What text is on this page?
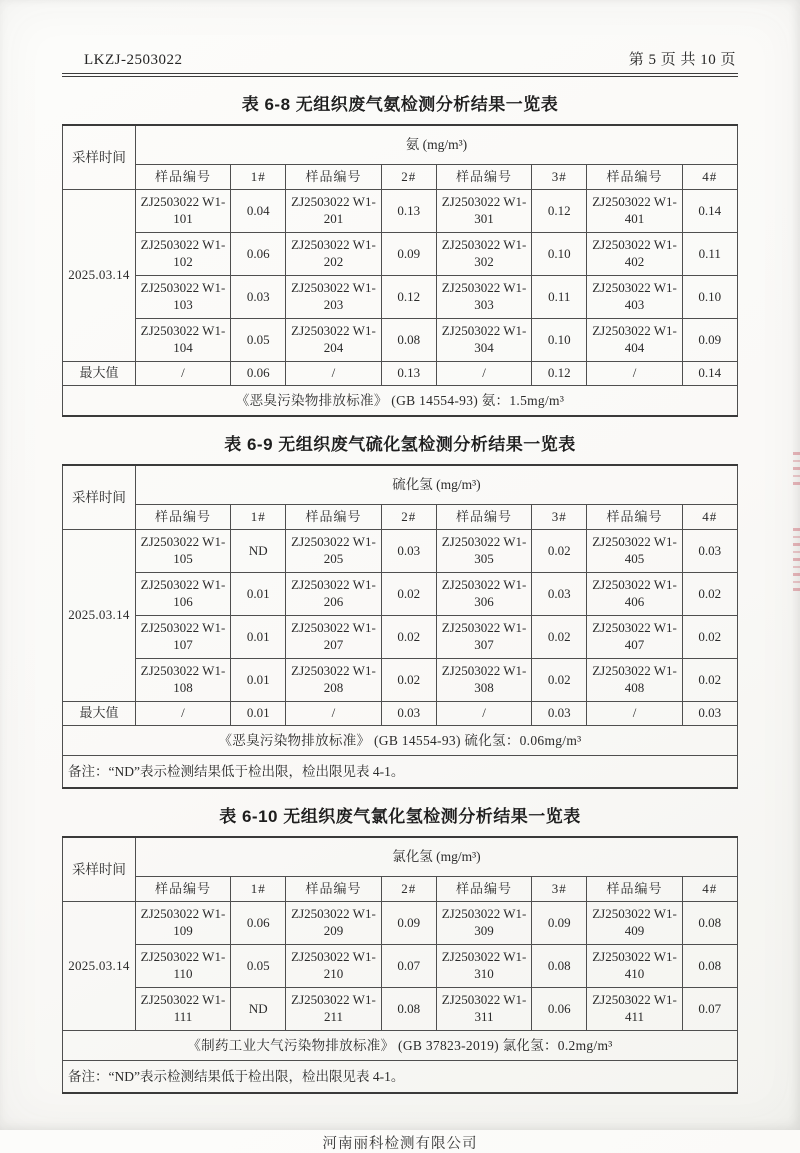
LKZJ-2503022	第 5 页 共 10 页
表 6-8 无组织废气氨检测分析结果一览表
采样时间	氨 (mg/m³)							
	样品编号	1#	样品编号	2#	样品编号	3#	样品编号	4#
2025.03.14	ZJ2503022 W1-101	0.04	ZJ2503022 W1-201	0.13	ZJ2503022 W1-301	0.12	ZJ2503022 W1-401	0.14
	ZJ2503022 W1-102	0.06	ZJ2503022 W1-202	0.09	ZJ2503022 W1-302	0.10	ZJ2503022 W1-402	0.11
	ZJ2503022 W1-103	0.03	ZJ2503022 W1-203	0.12	ZJ2503022 W1-303	0.11	ZJ2503022 W1-403	0.10
	ZJ2503022 W1-104	0.05	ZJ2503022 W1-204	0.08	ZJ2503022 W1-304	0.10	ZJ2503022 W1-404	0.09
最大值	/	0.06	/	0.13	/	0.12	/	0.14
《恶臭污染物排放标准》 (GB 14554-93) 氨：1.5mg/m³								
表 6-9 无组织废气硫化氢检测分析结果一览表
采样时间	硫化氢 (mg/m³)							
	样品编号	1#	样品编号	2#	样品编号	3#	样品编号	4#
2025.03.14	ZJ2503022 W1-105	ND	ZJ2503022 W1-205	0.03	ZJ2503022 W1-305	0.02	ZJ2503022 W1-405	0.03
	ZJ2503022 W1-106	0.01	ZJ2503022 W1-206	0.02	ZJ2503022 W1-306	0.03	ZJ2503022 W1-406	0.02
	ZJ2503022 W1-107	0.01	ZJ2503022 W1-207	0.02	ZJ2503022 W1-307	0.02	ZJ2503022 W1-407	0.02
	ZJ2503022 W1-108	0.01	ZJ2503022 W1-208	0.02	ZJ2503022 W1-308	0.02	ZJ2503022 W1-408	0.02
最大值	/	0.01	/	0.03	/	0.03	/	0.03
《恶臭污染物排放标准》 (GB 14554-93) 硫化氢：0.06mg/m³								
备注：“ND”表示检测结果低于检出限，检出限见表 4-1。								
表 6-10 无组织废气氯化氢检测分析结果一览表
采样时间	氯化氢 (mg/m³)							
	样品编号	1#	样品编号	2#	样品编号	3#	样品编号	4#
2025.03.14	ZJ2503022 W1-109	0.06	ZJ2503022 W1-209	0.09	ZJ2503022 W1-309	0.09	ZJ2503022 W1-409	0.08
	ZJ2503022 W1-110	0.05	ZJ2503022 W1-210	0.07	ZJ2503022 W1-310	0.08	ZJ2503022 W1-410	0.08
	ZJ2503022 W1-111	ND	ZJ2503022 W1-211	0.08	ZJ2503022 W1-311	0.06	ZJ2503022 W1-411	0.07
《制药工业大气污染物排放标准》 (GB 37823-2019) 氯化氢：0.2mg/m³								
备注：“ND”表示检测结果低于检出限，检出限见表 4-1。								
河南丽科检测有限公司
